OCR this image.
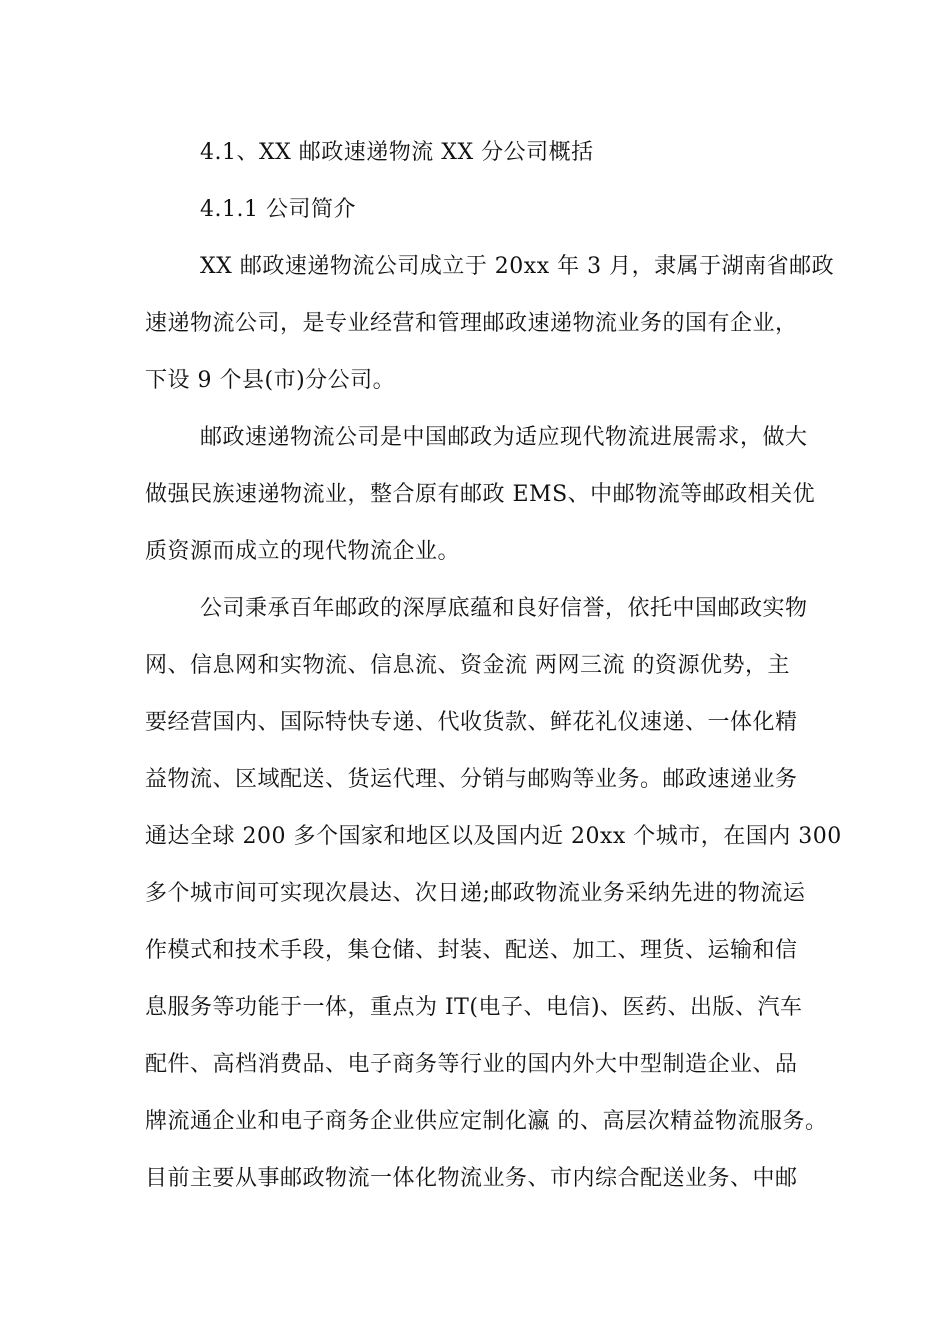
4.1、XX 邮政速递物流 XX 分公司概括
4.1.1 公司简介
XX 邮政速递物流公司成立于 20xx 年 3 月，隶属于湖南省邮政
速递物流公司，是专业经营和管理邮政速递物流业务的国有企业，
下设 9 个县(市)分公司。
邮政速递物流公司是中国邮政为适应现代物流进展需求，做大
做强民族速递物流业，整合原有邮政 EMS、中邮物流等邮政相关优
质资源而成立的现代物流企业。
公司秉承百年邮政的深厚底蕴和良好信誉，依托中国邮政实物
网、信息网和实物流、信息流、资金流 两网三流 的资源优势，主
要经营国内、国际特快专递、代收货款、鲜花礼仪速递、一体化精
益物流、区域配送、货运代理、分销与邮购等业务。邮政速递业务
通达全球 200 多个国家和地区以及国内近 20xx 个城市，在国内 300
多个城市间可实现次晨达、次日递;邮政物流业务采纳先进的物流运
作模式和技术手段，集仓储、封装、配送、加工、理货、运输和信
息服务等功能于一体，重点为 IT(电子、电信)、医药、出版、汽车
配件、高档消费品、电子商务等行业的国内外大中型制造企业、品
牌流通企业和电子商务企业供应定制化瀛 的、高层次精益物流服务。
目前主要从事邮政物流一体化物流业务、市内综合配送业务、中邮
